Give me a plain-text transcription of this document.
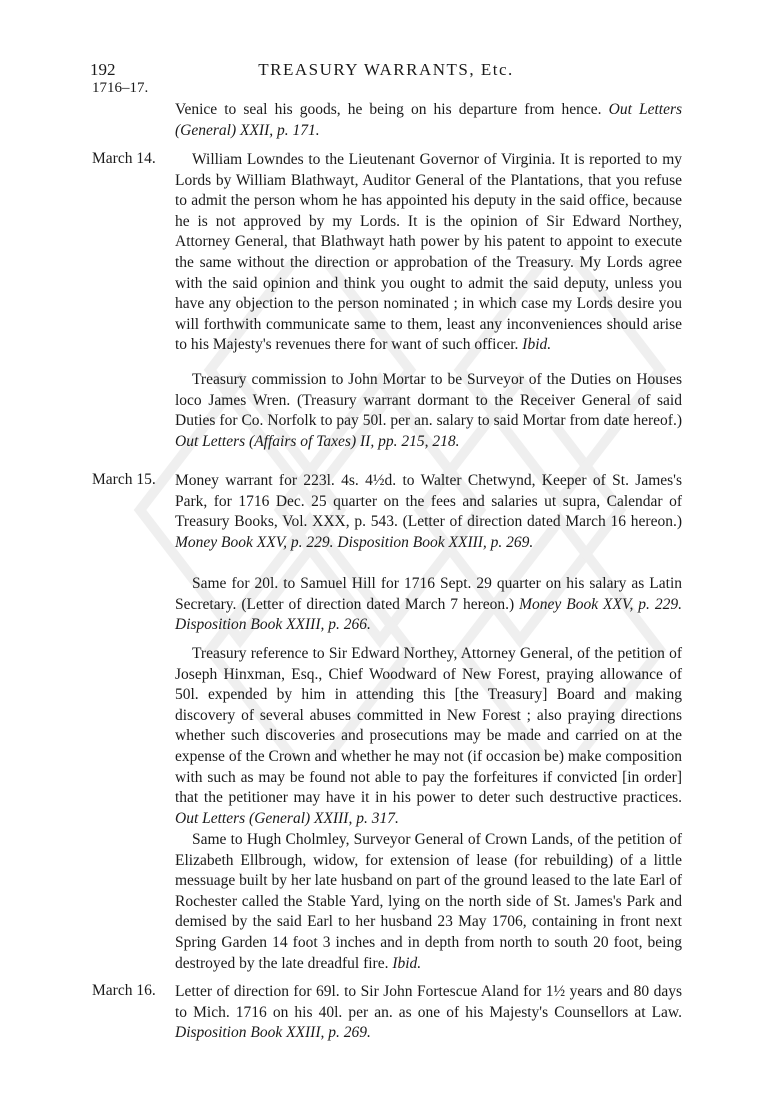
192	TREASURY WARRANTS, Etc.
1716–17.
Venice to seal his goods, he being on his departure from hence. Out Letters (General) XXII, p. 171.
March 14.	William Lowndes to the Lieutenant Governor of Virginia. It is reported to my Lords by William Blathwayt, Auditor General of the Plantations, that you refuse to admit the person whom he has appointed his deputy in the said office, because he is not approved by my Lords. It is the opinion of Sir Edward Northey, Attorney General, that Blathwayt hath power by his patent to appoint to execute the same without the direction or approbation of the Treasury. My Lords agree with the said opinion and think you ought to admit the said deputy, unless you have any objection to the person nominated ; in which case my Lords desire you will forthwith communicate same to them, least any inconveniences should arise to his Majesty's revenues there for want of such officer. Ibid.
Treasury commission to John Mortar to be Surveyor of the Duties on Houses loco James Wren. (Treasury warrant dormant to the Receiver General of said Duties for Co. Norfolk to pay 50l. per an. salary to said Mortar from date hereof.) Out Letters (Affairs of Taxes) II, pp. 215, 218.
March 15.	Money warrant for 223l. 4s. 4½d. to Walter Chetwynd, Keeper of St. James's Park, for 1716 Dec. 25 quarter on the fees and salaries ut supra, Calendar of Treasury Books, Vol. XXX, p. 543. (Letter of direction dated March 16 hereon.) Money Book XXV, p. 229. Disposition Book XXIII, p. 269.
Same for 20l. to Samuel Hill for 1716 Sept. 29 quarter on his salary as Latin Secretary. (Letter of direction dated March 7 hereon.) Money Book XXV, p. 229. Disposition Book XXIII, p. 266.
Treasury reference to Sir Edward Northey, Attorney General, of the petition of Joseph Hinxman, Esq., Chief Woodward of New Forest, praying allowance of 50l. expended by him in attending this [the Treasury] Board and making discovery of several abuses committed in New Forest ; also praying directions whether such discoveries and prosecutions may be made and carried on at the expense of the Crown and whether he may not (if occasion be) make composition with such as may be found not able to pay the forfeitures if convicted [in order] that the petitioner may have it in his power to deter such destructive practices. Out Letters (General) XXIII, p. 317.
Same to Hugh Cholmley, Surveyor General of Crown Lands, of the petition of Elizabeth Ellbrough, widow, for extension of lease (for rebuilding) of a little messuage built by her late husband on part of the ground leased to the late Earl of Rochester called the Stable Yard, lying on the north side of St. James's Park and demised by the said Earl to her husband 23 May 1706, containing in front next Spring Garden 14 foot 3 inches and in depth from north to south 20 foot, being destroyed by the late dreadful fire. Ibid.
March 16.	Letter of direction for 69l. to Sir John Fortescue Aland for 1½ years and 80 days to Mich. 1716 on his 40l. per an. as one of his Majesty's Counsellors at Law. Disposition Book XXIII, p. 269.
